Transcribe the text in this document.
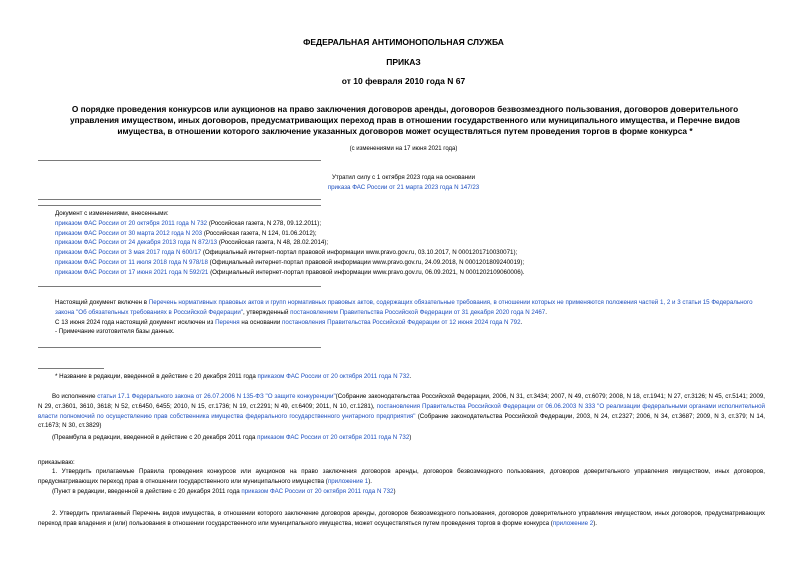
ФЕДЕРАЛЬНАЯ АНТИМОНОПОЛЬНАЯ СЛУЖБА
ПРИКАЗ
от 10 февраля 2010 года N 67
О порядке проведения конкурсов или аукционов на право заключения договоров аренды, договоров безвозмездного пользования, договоров доверительного управления имуществом, иных договоров, предусматривающих переход прав в отношении государственного или муниципального имущества, и Перечне видов имущества, в отношении которого заключение указанных договоров может осуществляться путем проведения торгов в форме конкурса *
(с изменениями на 17 июня 2021 года)
Утратил силу с 1 октября 2023 года на основании
приказа ФАС России от 21 марта 2023 года N 147/23
Документ с изменениями, внесенными:
приказом ФАС России от 20 октября 2011 года N 732 (Российская газета, N 278, 09.12.2011);
приказом ФАС России от 30 марта 2012 года N 203 (Российская газета, N 124, 01.06.2012);
приказом ФАС России от 24 декабря 2013 года N 872/13 (Российская газета, N 48, 28.02.2014);
приказом ФАС России от 3 мая 2017 года N 600/17 (Официальный интернет-портал правовой информации www.pravo.gov.ru, 03.10.2017, N 0001201710030071);
приказом ФАС России от 11 июля 2018 года N 978/18 (Официальный интернет-портал правовой информации www.pravo.gov.ru, 24.09.2018, N 0001201809240019);
приказом ФАС России от 17 июня 2021 года N 592/21 (Официальный интернет-портал правовой информации www.pravo.gov.ru, 06.09.2021, N 0001202109060006).
Настоящий документ включен в Перечень нормативных правовых актов и групп нормативных правовых актов, содержащих обязательные требования, в отношении которых не применяются положения частей 1, 2 и 3 статьи 15 Федерального закона "Об обязательных требованиях в Российской Федерации", утвержденный постановлением Правительства Российской Федерации от 31 декабря 2020 года N 2467.
С 13 июня 2024 года настоящий документ исключен из Перечня на основании постановления Правительства Российской Федерации от 12 июня 2024 года N 792.
- Примечание изготовителя базы данных.
* Название в редакции, введенной в действие с 20 декабря 2011 года приказом ФАС России от 20 октября 2011 года N 732.
Во исполнение статьи 17.1 Федерального закона от 26.07.2006 N 135-ФЗ "О защите конкуренции"(Собрание законодательства Российской Федерации, 2006, N 31, ст.3434; 2007, N 49, ст.6079; 2008, N 18, ст.1941; N 27, ст.3126; N 45, ст.5141; 2009, N 29, ст.3601, 3610, 3618; N 52, ст.6450, 6455; 2010, N 15, ст.1736; N 19, ст.2291; N 49, ст.6409; 2011, N 10, ст.1281), постановления Правительства Российской Федерации от 06.06.2003 N 333 "О реализации федеральными органами исполнительной власти полномочий по осуществлению прав собственника имущества федерального государственного унитарного предприятия" (Собрание законодательства Российской Федерации, 2003, N 24, ст.2327; 2006, N 34, ст.3687; 2009, N 3, ст.379; N 14, ст.1673; N 30, ст.3829)
(Преамбула в редакции, введенной в действие с 20 декабря 2011 года приказом ФАС России от 20 октября 2011 года N 732)
приказываю:
1. Утвердить прилагаемые Правила проведения конкурсов или аукционов на право заключения договоров аренды, договоров безвозмездного пользования, договоров доверительного управления имуществом, иных договоров, предусматривающих переход прав в отношении государственного или муниципального имущества (приложение 1).
(Пункт в редакции, введенной в действие с 20 декабря 2011 года приказом ФАС России от 20 октября 2011 года N 732)
2. Утвердить прилагаемый Перечень видов имущества, в отношении которого заключение договоров аренды, договоров безвозмездного пользования, договоров доверительного управления имуществом, иных договоров, предусматривающих переход прав владения и (или) пользования в отношении государственного или муниципального имущества, может осуществляться путем проведения торгов в форме конкурса (приложение 2).
